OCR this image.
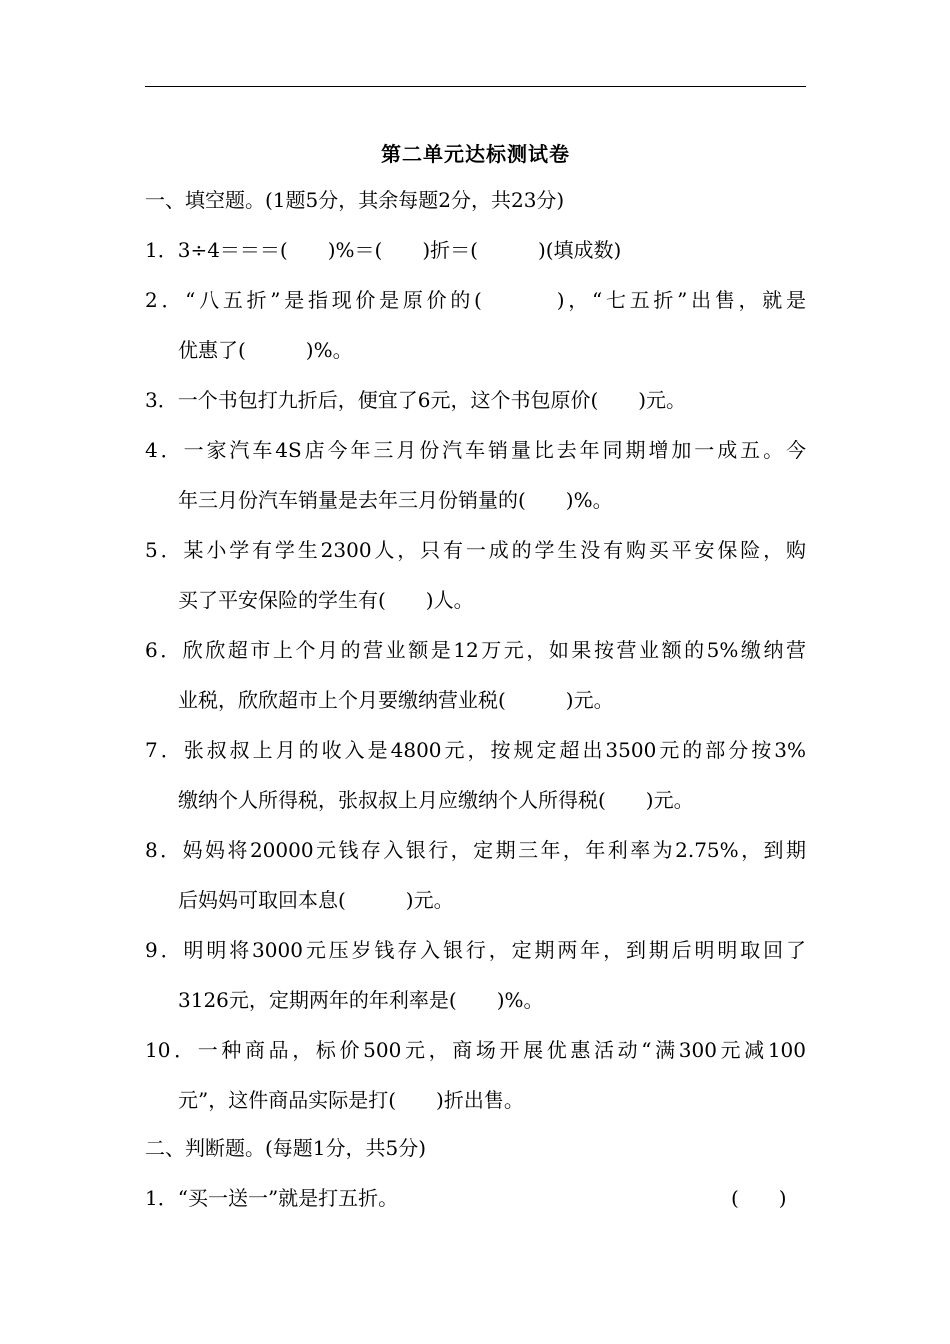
第二单元达标测试卷
一、填空题。(1题5分，其余每题2分，共23分)
1．3÷4＝＝＝(　　)%＝(　　)折＝(　　　)(填成数)
2．“八五折”是指现价是原价的(　　　)，“七五折”出售，就是
优惠了(　　　)%。
3．一个书包打九折后，便宜了6元，这个书包原价(　　)元。
4．一家汽车4S店今年三月份汽车销量比去年同期增加一成五。今
年三月份汽车销量是去年三月份销量的(　　)%。
5．某小学有学生2300人，只有一成的学生没有购买平安保险，购
买了平安保险的学生有(　　)人。
6．欣欣超市上个月的营业额是12万元，如果按营业额的5%缴纳营
业税，欣欣超市上个月要缴纳营业税(　　　)元。
7．张叔叔上月的收入是4800元，按规定超出3500元的部分按3%
缴纳个人所得税，张叔叔上月应缴纳个人所得税(　　)元。
8．妈妈将20000元钱存入银行，定期三年，年利率为2.75%，到期
后妈妈可取回本息(　　　)元。
9．明明将3000元压岁钱存入银行，定期两年，到期后明明取回了
3126元，定期两年的年利率是(　　)%。
10．一种商品，标价500元，商场开展优惠活动“满300元减100
元”，这件商品实际是打(　　)折出售。
二、判断题。(每题1分，共5分)
1．“买一送一”就是打五折。	(　　)
